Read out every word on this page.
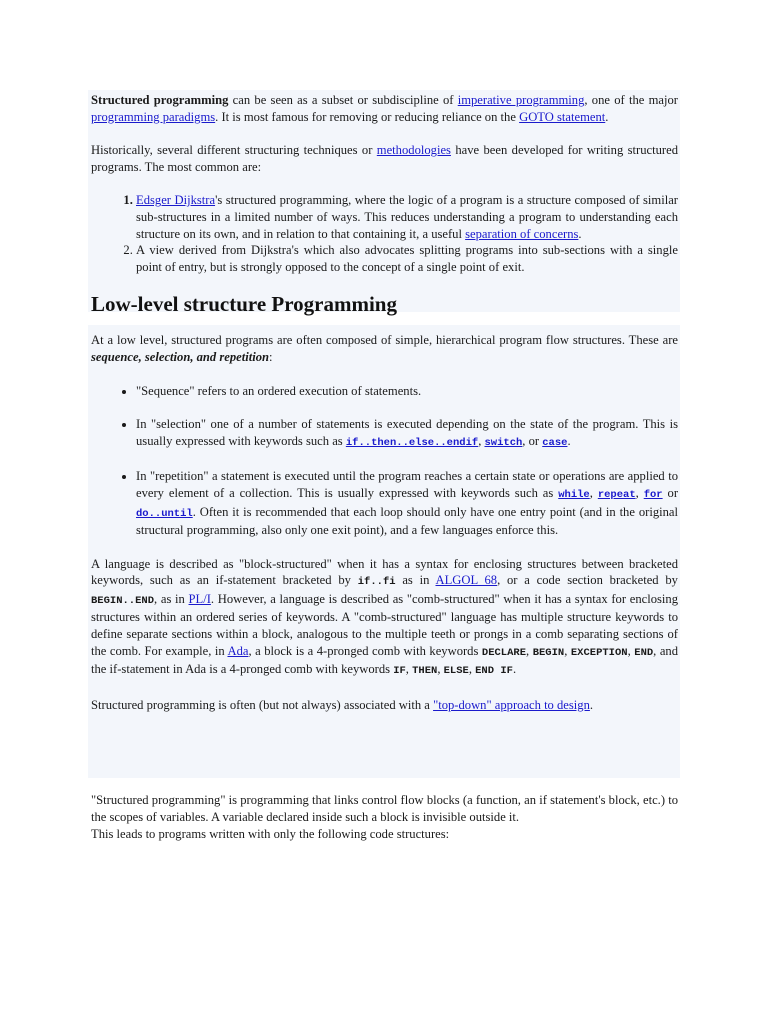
Structured programming can be seen as a subset or subdiscipline of imperative programming, one of the major programming paradigms. It is most famous for removing or reducing reliance on the GOTO statement.

Historically, several different structuring techniques or methodologies have been developed for writing structured programs. The most common are:

1. Edsger Dijkstra's structured programming, where the logic of a program is a structure composed of similar sub-structures in a limited number of ways. This reduces understanding a program to understanding each structure on its own, and in relation to that containing it, a useful separation of concerns.
2. A view derived from Dijkstra's which also advocates splitting programs into sub-sections with a single point of entry, but is strongly opposed to the concept of a single point of exit.
Low-level structure Programming

At a low level, structured programs are often composed of simple, hierarchical program flow structures. These are sequence, selection, and repetition:

• "Sequence" refers to an ordered execution of statements.
• In "selection" one of a number of statements is executed depending on the state of the program. This is usually expressed with keywords such as if..then..else..endif, switch, or case.
• In "repetition" a statement is executed until the program reaches a certain state or operations are applied to every element of a collection. This is usually expressed with keywords such as while, repeat, for or do..until. Often it is recommended that each loop should only have one entry point (and in the original structural programming, also only one exit point), and a few languages enforce this.

A language is described as "block-structured" when it has a syntax for enclosing structures between bracketed keywords, such as an if-statement bracketed by if..fi as in ALGOL 68, or a code section bracketed by BEGIN..END, as in PL/I. However, a language is described as "comb-structured" when it has a syntax for enclosing structures within an ordered series of keywords. A "comb-structured" language has multiple structure keywords to define separate sections within a block, analogous to the multiple teeth or prongs in a comb separating sections of the comb. For example, in Ada, a block is a 4-pronged comb with keywords DECLARE, BEGIN, EXCEPTION, END, and the if-statement in Ada is a 4-pronged comb with keywords IF, THEN, ELSE, END IF.

Structured programming is often (but not always) associated with a "top-down" approach to design.

"Structured programming" is programming that links control flow blocks (a function, an if statement's block, etc.) to the scopes of variables. A variable declared inside such a block is invisible outside it.

This leads to programs written with only the following code structures:
